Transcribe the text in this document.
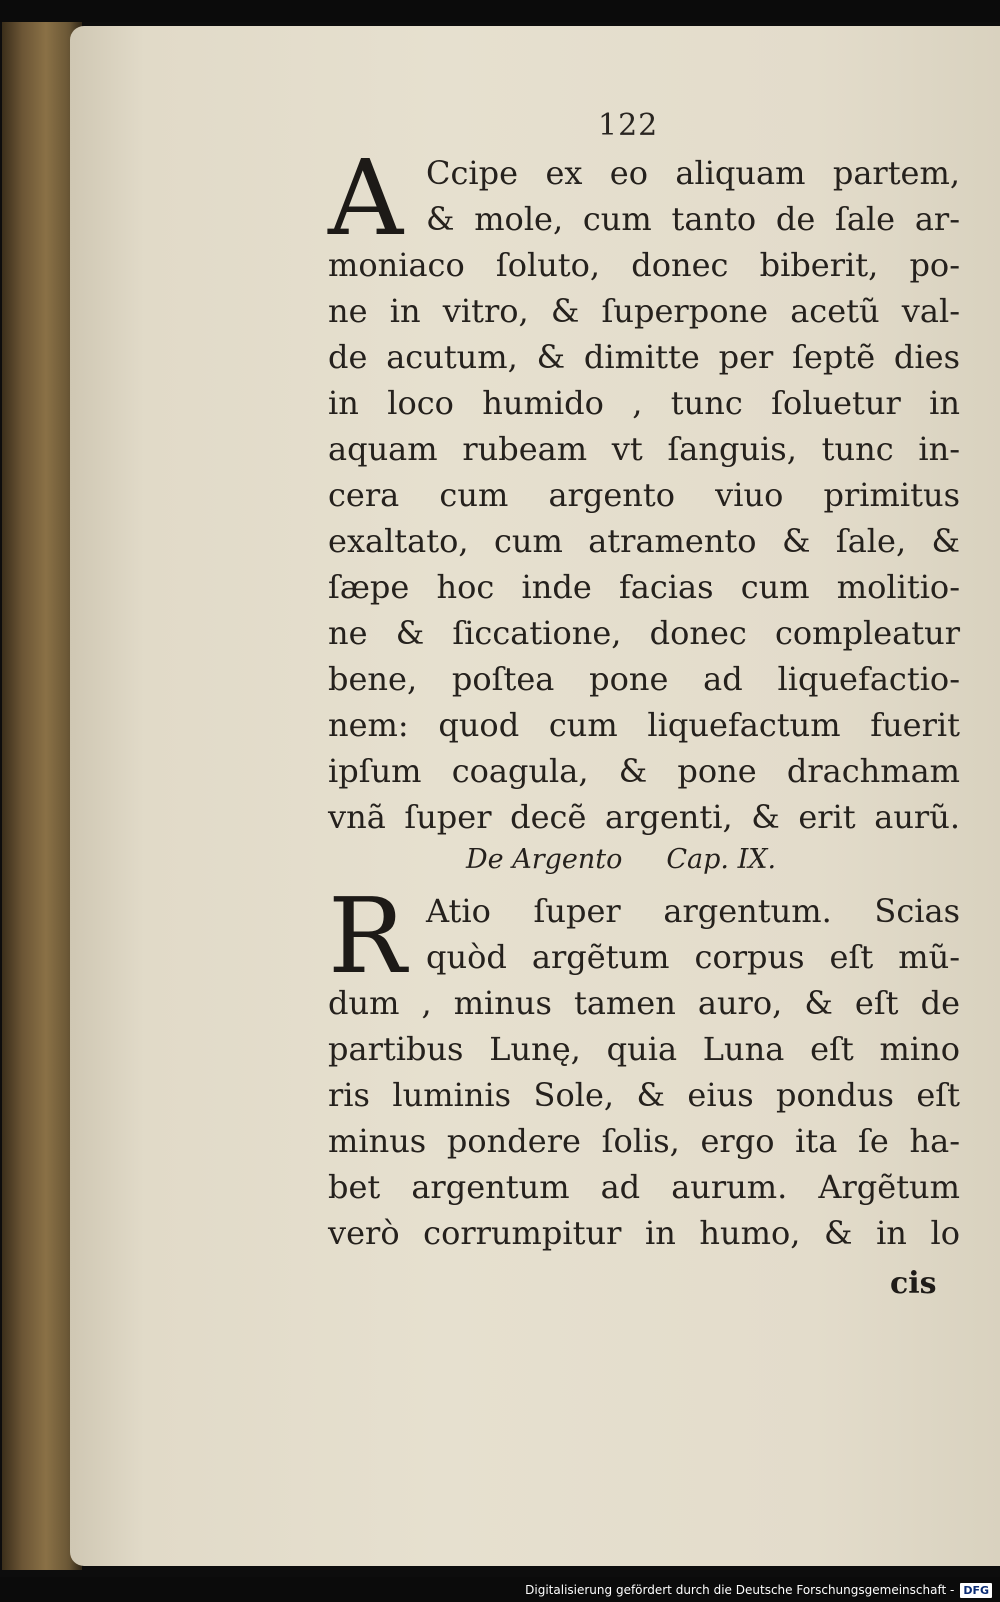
122
A Ccipe ex eo aliquam partem,
& mole, cum tanto de ſale ar-
moniaco ſoluto, donec biberit, po-
ne in vitro, & ſuperpone acetũ val-
de acutum, & dimitte per ſeptẽ dies
in loco humido , tunc ſoluetur in
aquam rubeam vt ſanguis, tunc in-
cera cum argento viuo primitus
exaltato, cum atramento & ſale, &
ſæpe hoc inde facias cum molitio-
ne & ſiccatione, donec compleatur
bene, poſtea pone ad liquefactio-
nem: quod cum liquefactum fuerit
ipſum coagula, & pone drachmam
vnã ſuper decẽ argenti, & erit aurũ.
De Argento Cap. IX.
R Atio ſuper argentum. Scias
quòd argẽtum corpus eſt mũ-
dum , minus tamen auro, & eſt de
partibus Lunę, quia Luna eſt mino
ris luminis Sole, & eius pondus eſt
minus pondere ſolis, ergo ita ſe ha-
bet argentum ad aurum. Argẽtum
verò corrumpitur in humo, & in lo
cis
Digitalisierung gefördert durch die Deutsche Forschungsgemeinschaft - DFG
